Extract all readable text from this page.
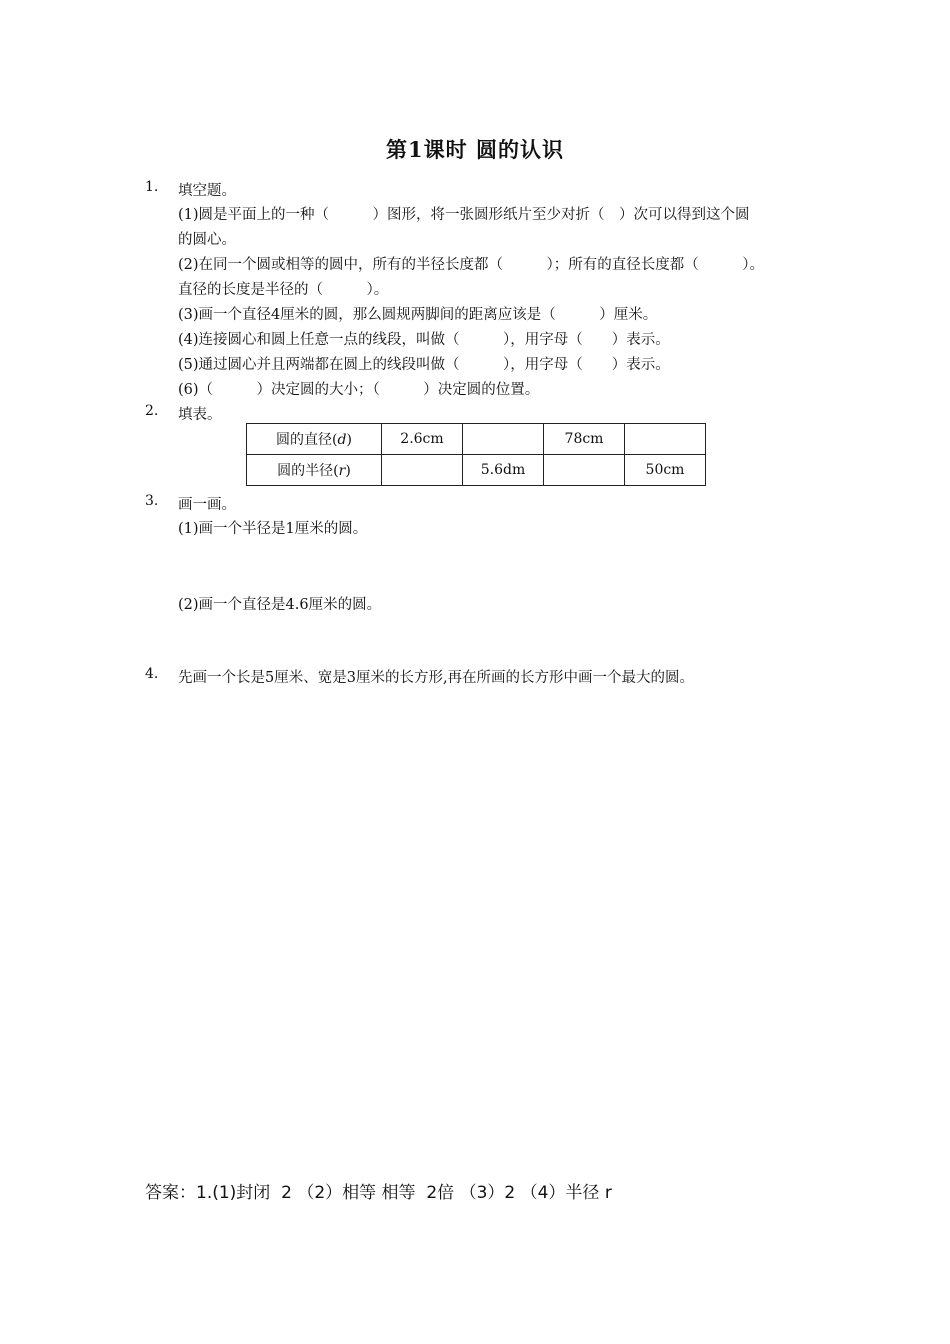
第1课时 圆的认识
1. 填空题。
(1)圆是平面上的一种（　　　）图形，将一张圆形纸片至少对折（　）次可以得到这个圆
的圆心。
(2)在同一个圆或相等的圆中，所有的半径长度都（　　　）；所有的直径长度都（　　　）。
直径的长度是半径的（　　　）。
(3)画一个直径4厘米的圆，那么圆规两脚间的距离应该是（　　　）厘米。
(4)连接圆心和圆上任意一点的线段，叫做（　　　），用字母（　　）表示。
(5)通过圆心并且两端都在圆上的线段叫做（　　　），用字母（　　）表示。
(6)（　　　）决定圆的大小；（　　　）决定圆的位置。
2. 填表。
圆的直径(d)	2.6cm		78cm	
圆的半径(r)		5.6dm		50cm
3. 画一画。
(1)画一个半径是1厘米的圆。
(2)画一个直径是4.6厘米的圆。
4. 先画一个长是5厘米、宽是3厘米的长方形,再在所画的长方形中画一个最大的圆。
答案：1.(1)封闭  2 （2）相等 相等  2倍 （3）2 （4）半径 r
